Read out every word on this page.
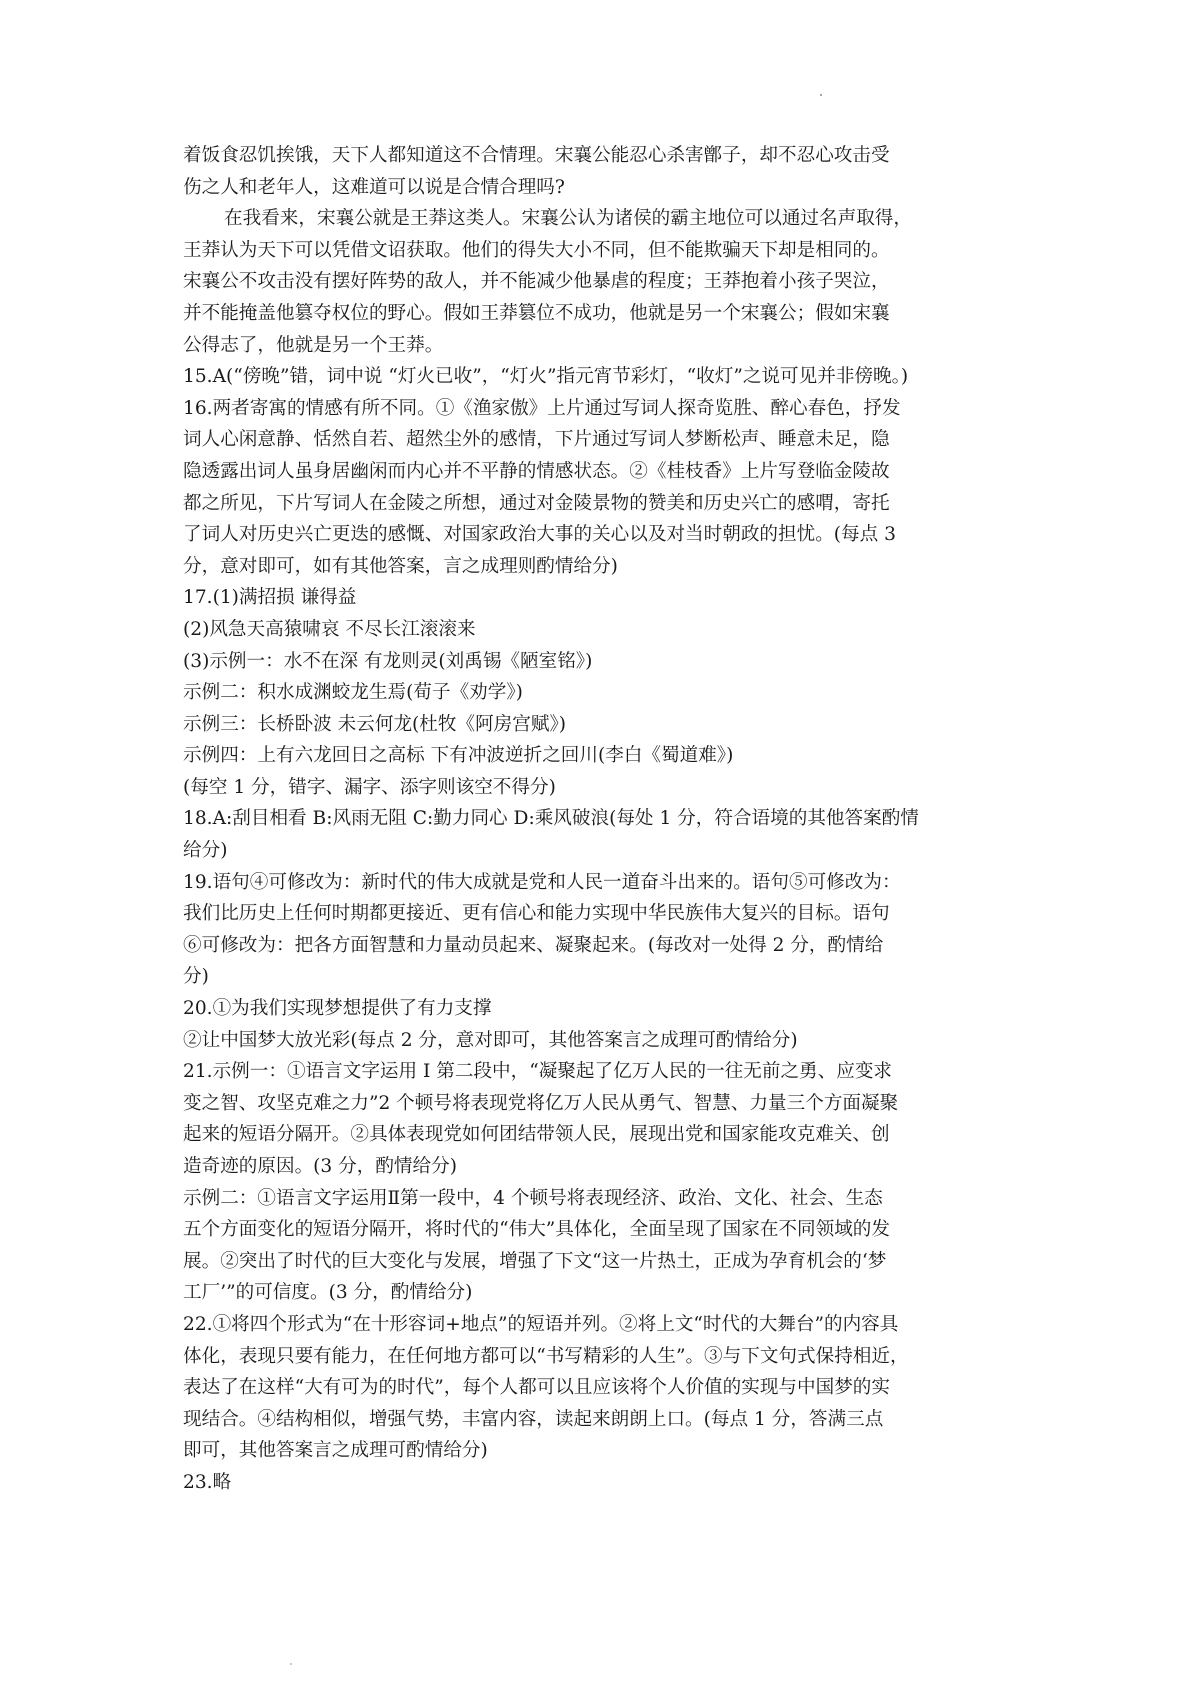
着饭食忍饥挨饿，天下人都知道这不合情理。宋襄公能忍心杀害鄫子，却不忍心攻击受
伤之人和老年人，这难道可以说是合情合理吗?
在我看来，宋襄公就是王莽这类人。宋襄公认为诸侯的霸主地位可以通过名声取得，
王莽认为天下可以凭借文诏获取。他们的得失大小不同，但不能欺骗天下却是相同的。
宋襄公不攻击没有摆好阵势的敌人，并不能减少他暴虐的程度；王莽抱着小孩子哭泣，
并不能掩盖他篡夺权位的野心。假如王莽篡位不成功，他就是另一个宋襄公；假如宋襄
公得志了，他就是另一个王莽。
15.A(“傍晚”错，词中说 “灯火已收”，“灯火”指元宵节彩灯，“收灯”之说可见并非傍晚。)
16.两者寄寓的情感有所不同。①《渔家傲》上片通过写词人探奇览胜、醉心春色，抒发
词人心闲意静、恬然自若、超然尘外的感情，下片通过写词人梦断松声、睡意未足，隐
隐透露出词人虽身居幽闲而内心并不平静的情感状态。②《桂枝香》上片写登临金陵故
都之所见，下片写词人在金陵之所想，通过对金陵景物的赞美和历史兴亡的感喟，寄托
了词人对历史兴亡更迭的感慨、对国家政治大事的关心以及对当时朝政的担忧。(每点 3
分，意对即可，如有其他答案，言之成理则酌情给分)
17.(1)满招损 谦得益
(2)风急天高猿啸哀 不尽长江滚滚来
(3)示例一：水不在深 有龙则灵(刘禹锡《陋室铭》)
示例二：积水成渊蛟龙生焉(荀子《劝学》)
示例三：长桥卧波 未云何龙(杜牧《阿房宫赋》)
示例四：上有六龙回日之高标 下有冲波逆折之回川(李白《蜀道难》)
(每空 1 分，错字、漏字、添字则该空不得分)
18.A:刮目相看 B:风雨无阻 C:勤力同心 D:乘风破浪(每处 1 分，符合语境的其他答案酌情
给分)
19.语句④可修改为：新时代的伟大成就是党和人民一道奋斗出来的。语句⑤可修改为：
我们比历史上任何时期都更接近、更有信心和能力实现中华民族伟大复兴的目标。语句
⑥可修改为：把各方面智慧和力量动员起来、凝聚起来。(每改对一处得 2 分，酌情给
分)
20.①为我们实现梦想提供了有力支撑
②让中国梦大放光彩(每点 2 分，意对即可，其他答案言之成理可酌情给分)
21.示例一：①语言文字运用 I 第二段中，“凝聚起了亿万人民的一往无前之勇、应变求
变之智、攻坚克难之力”2 个顿号将表现党将亿万人民从勇气、智慧、力量三个方面凝聚
起来的短语分隔开。②具体表现党如何团结带领人民，展现出党和国家能攻克难关、创
造奇迹的原因。(3 分，酌情给分)
示例二：①语言文字运用Ⅱ第一段中，4 个顿号将表现经济、政治、文化、社会、生态
五个方面变化的短语分隔开，将时代的“伟大”具体化，全面呈现了国家在不同领域的发
展。②突出了时代的巨大变化与发展，增强了下文“这一片热土，正成为孕育机会的‘梦
工厂’”的可信度。(3 分，酌情给分)
22.①将四个形式为“在十形容词+地点”的短语并列。②将上文“时代的大舞台”的内容具
体化，表现只要有能力，在任何地方都可以“书写精彩的人生”。③与下文句式保持相近，
表达了在这样“大有可为的时代”，每个人都可以且应该将个人价值的实现与中国梦的实
现结合。④结构相似，增强气势，丰富内容，读起来朗朗上口。(每点 1 分，答满三点
即可，其他答案言之成理可酌情给分)
23.略
